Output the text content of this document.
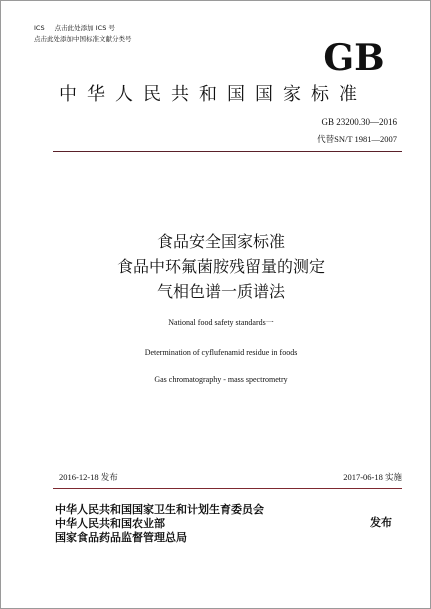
ICS 点击此处添加 ICS 号
点击此处添加中国标准文献分类号	GB
中华人民共和国国家标准
GB 23200.30—2016
代替SN/T 1981—2007
食品安全国家标准
食品中环氟菌胺残留量的测定
气相色谱一质谱法
National food safety standards一
Determination of cyflufenamid residue in foods
Gas chromatography - mass spectrometry
2016-12-18 发布	2017-06-18 实施
中华人民共和国国家卫生和计划生育委员会
中华人民共和国农业部
国家食品药品监督管理总局
发布
